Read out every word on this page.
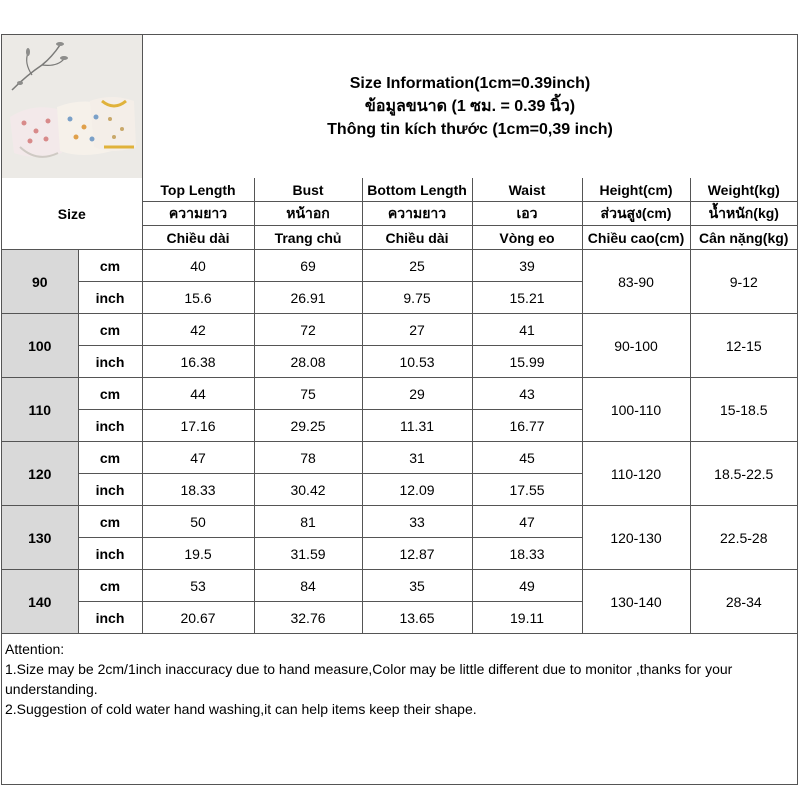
Size Information(1cm=0.39inch)
ข้อมูลขนาด (1 ซม. = 0.39 นิ้ว)
Thông tin kích thước (1cm=0,39 inch)
Size		Top Length	Bust	Bottom Length	Waist	Height(cm)	Weight(kg)
		ความยาว	หน้าอก	ความยาว	เอว	ส่วนสูง(cm)	น้ำหนัก(kg)
		Chiều dài	Trang chủ	Chiều dài	Vòng eo	Chiều cao(cm)	Cân nặng(kg)
90	cm	40	69	25	39	83-90	9-12
	inch	15.6	26.91	9.75	15.21		
100	cm	42	72	27	41	90-100	12-15
	inch	16.38	28.08	10.53	15.99		
110	cm	44	75	29	43	100-110	15-18.5
	inch	17.16	29.25	11.31	16.77		
120	cm	47	78	31	45	110-120	18.5-22.5
	inch	18.33	30.42	12.09	17.55		
130	cm	50	81	33	47	120-130	22.5-28
	inch	19.5	31.59	12.87	18.33		
140	cm	53	84	35	49	130-140	28-34
	inch	20.67	32.76	13.65	19.11		
Attention:
1.Size may be 2cm/1inch inaccuracy due to hand measure,Color may be little different due to monitor ,thanks for your understanding.
2.Suggestion of cold water hand washing,it can help items keep their shape.
